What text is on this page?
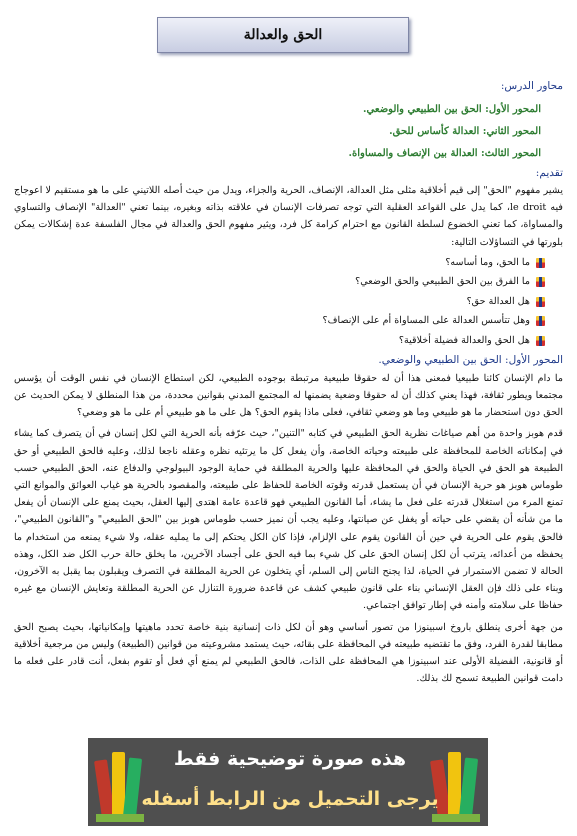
الحق والعدالة
محاور الدرس:
المحور الأول: الحق بين الطبيعي والوضعي.
المحور الثاني: العدالة كأساس للحق.
المحور الثالث: العدالة بين الإنصاف والمساواة.
تقديم:

يشير مفهوم "الحق" إلى قيم أخلاقية مثلى مثل العدالة، الإنصاف، الحرية والجزاء، ويدل من حيث أصله اللاتيني على ما هو مستقيم لا اعوجاج فيه le droit، كما يدل على القواعد العقلية التي توجه تصرفات الإنسان في علاقته بذاته وبغيره، بينما تعني "العدالة" الإنصاف والتساوي والمساواة، كما تعني الخضوع لسلطة القانون مع احترام كرامة كل فرد، ويثير مفهوم الحق والعدالة في مجال الفلسفة عدة إشكالات يمكن بلورتها في التساؤلات التالية:

ما الحق، وما أساسه؟
ما الفرق بين الحق الطبيعي والحق الوضعي؟
هل العدالة حق؟
وهل تتأسس العدالة على المساواة أم على الإنصاف؟
هل الحق والعدالة فضيلة أخلاقية؟
المحور الأول: الحق بين الطبيعي والوضعي.

ما دام الإنسان كائنا طبيعيا فمعنى هذا أن له حقوقا طبيعية مرتبطة بوجوده الطبيعي، لكن استطاع الإنسان في نفس الوقت أن يؤسس مجتمعا ويطور ثقافة، فهذا يعني كذلك أن له حقوقا وضعية يضمنها له المجتمع المدني بقوانين محددة، من هذا المنطلق لا يمكن الحديث عن الحق دون استحضار ما هو طبيعي وما هو وضعي ثقافي، فعلى ماذا يقوم الحق؟ هل على ما هو طبيعي أم على ما هو وضعي؟

قدم هوبز واحدة من أهم صياغات نظرية الحق الطبيعي في كتابه "التنين"، حيث عرّفه بأنه الحرية التي لكل إنسان في أن يتصرف كما يشاء في إمكاناته الخاصة للمحافظة على طبيعته وحياته الخاصة، وأن يفعل كل ما يرتئيه نظره وعقله ناجعا لذلك، وعليه فالحق الطبيعي أو حق الطبيعة هو الحق في الحياة والحق في المحافظة عليها والحرية المطلقة في حماية الوجود البيولوجي والدفاع عنه، الحق الطبيعي حسب طوماس هوبز هو حرية الإنسان في أن يستعمل قدرته وقوته الخاصة للحفاظ على طبيعته، والمقصود بالحرية هو غياب العوائق والموانع التي تمنع المرء من استغلال قدرته على فعل ما يشاء، أما القانون الطبيعي فهو قاعدة عامة اهتدى إليها العقل، بحيث يمنع على الإنسان أن يفعل ما من شأنه أن يقضي على حياته أو يغفل عن صيانتها، وعليه يجب أن نميز حسب طوماس هوبز بين "الحق الطبيعي" و"القانون الطبيعي"، فالحق يقوم على الحرية في حين أن القانون يقوم على الإلزام، فإذا كان الكل يحتكم إلى ما يمليه عقله، ولا شيء يمنعه من استخدام ما يحفظه من أعدائه، يترتب أن لكل إنسان الحق على كل شيء بما فيه الحق على أجساد الآخرين، ما يخلق حالة حرب الكل ضد الكل، وهذه الحالة لا تضمن الاستمرار في الحياة، لذا يجنح الناس إلى السلم، أي يتخلون عن الحرية المطلقة في التصرف ويقبلون بما يقبل به الآخرون، وبناء على ذلك فإن العقل الإنساني بناء على قانون طبيعي كشف عن قاعدة ضرورة التنازل عن الحرية المطلقة وتعايش الإنسان مع غيره حفاظا على سلامته وأمنه في إطار توافق اجتماعي.

من جهة أخرى ينطلق باروخ اسبينوزا من تصور أساسي وهو أن لكل ذات إنسانية بنية خاصة تحدد ماهيتها وإمكانياتها، بحيث يصبح الحق مطابقا لقدرة الفرد، وفق ما تقتضيه طبيعته في المحافظة على بقائه، حيث يستمد مشروعيته من قوانين (الطبيعة) وليس من مرجعية أخلاقية أو قانونية، الفضيلة الأولى عند اسبينوزا هي المحافظة على الذات، فالحق الطبيعي لم يمنع أي فعل أو تقوم بفعل، أنت قادر على فعله ما دامت قوانين الطبيعة تسمح لك بذلك.

هذه صورة توضيحية فقط
يرجى التحميل من الرابط أسفله
